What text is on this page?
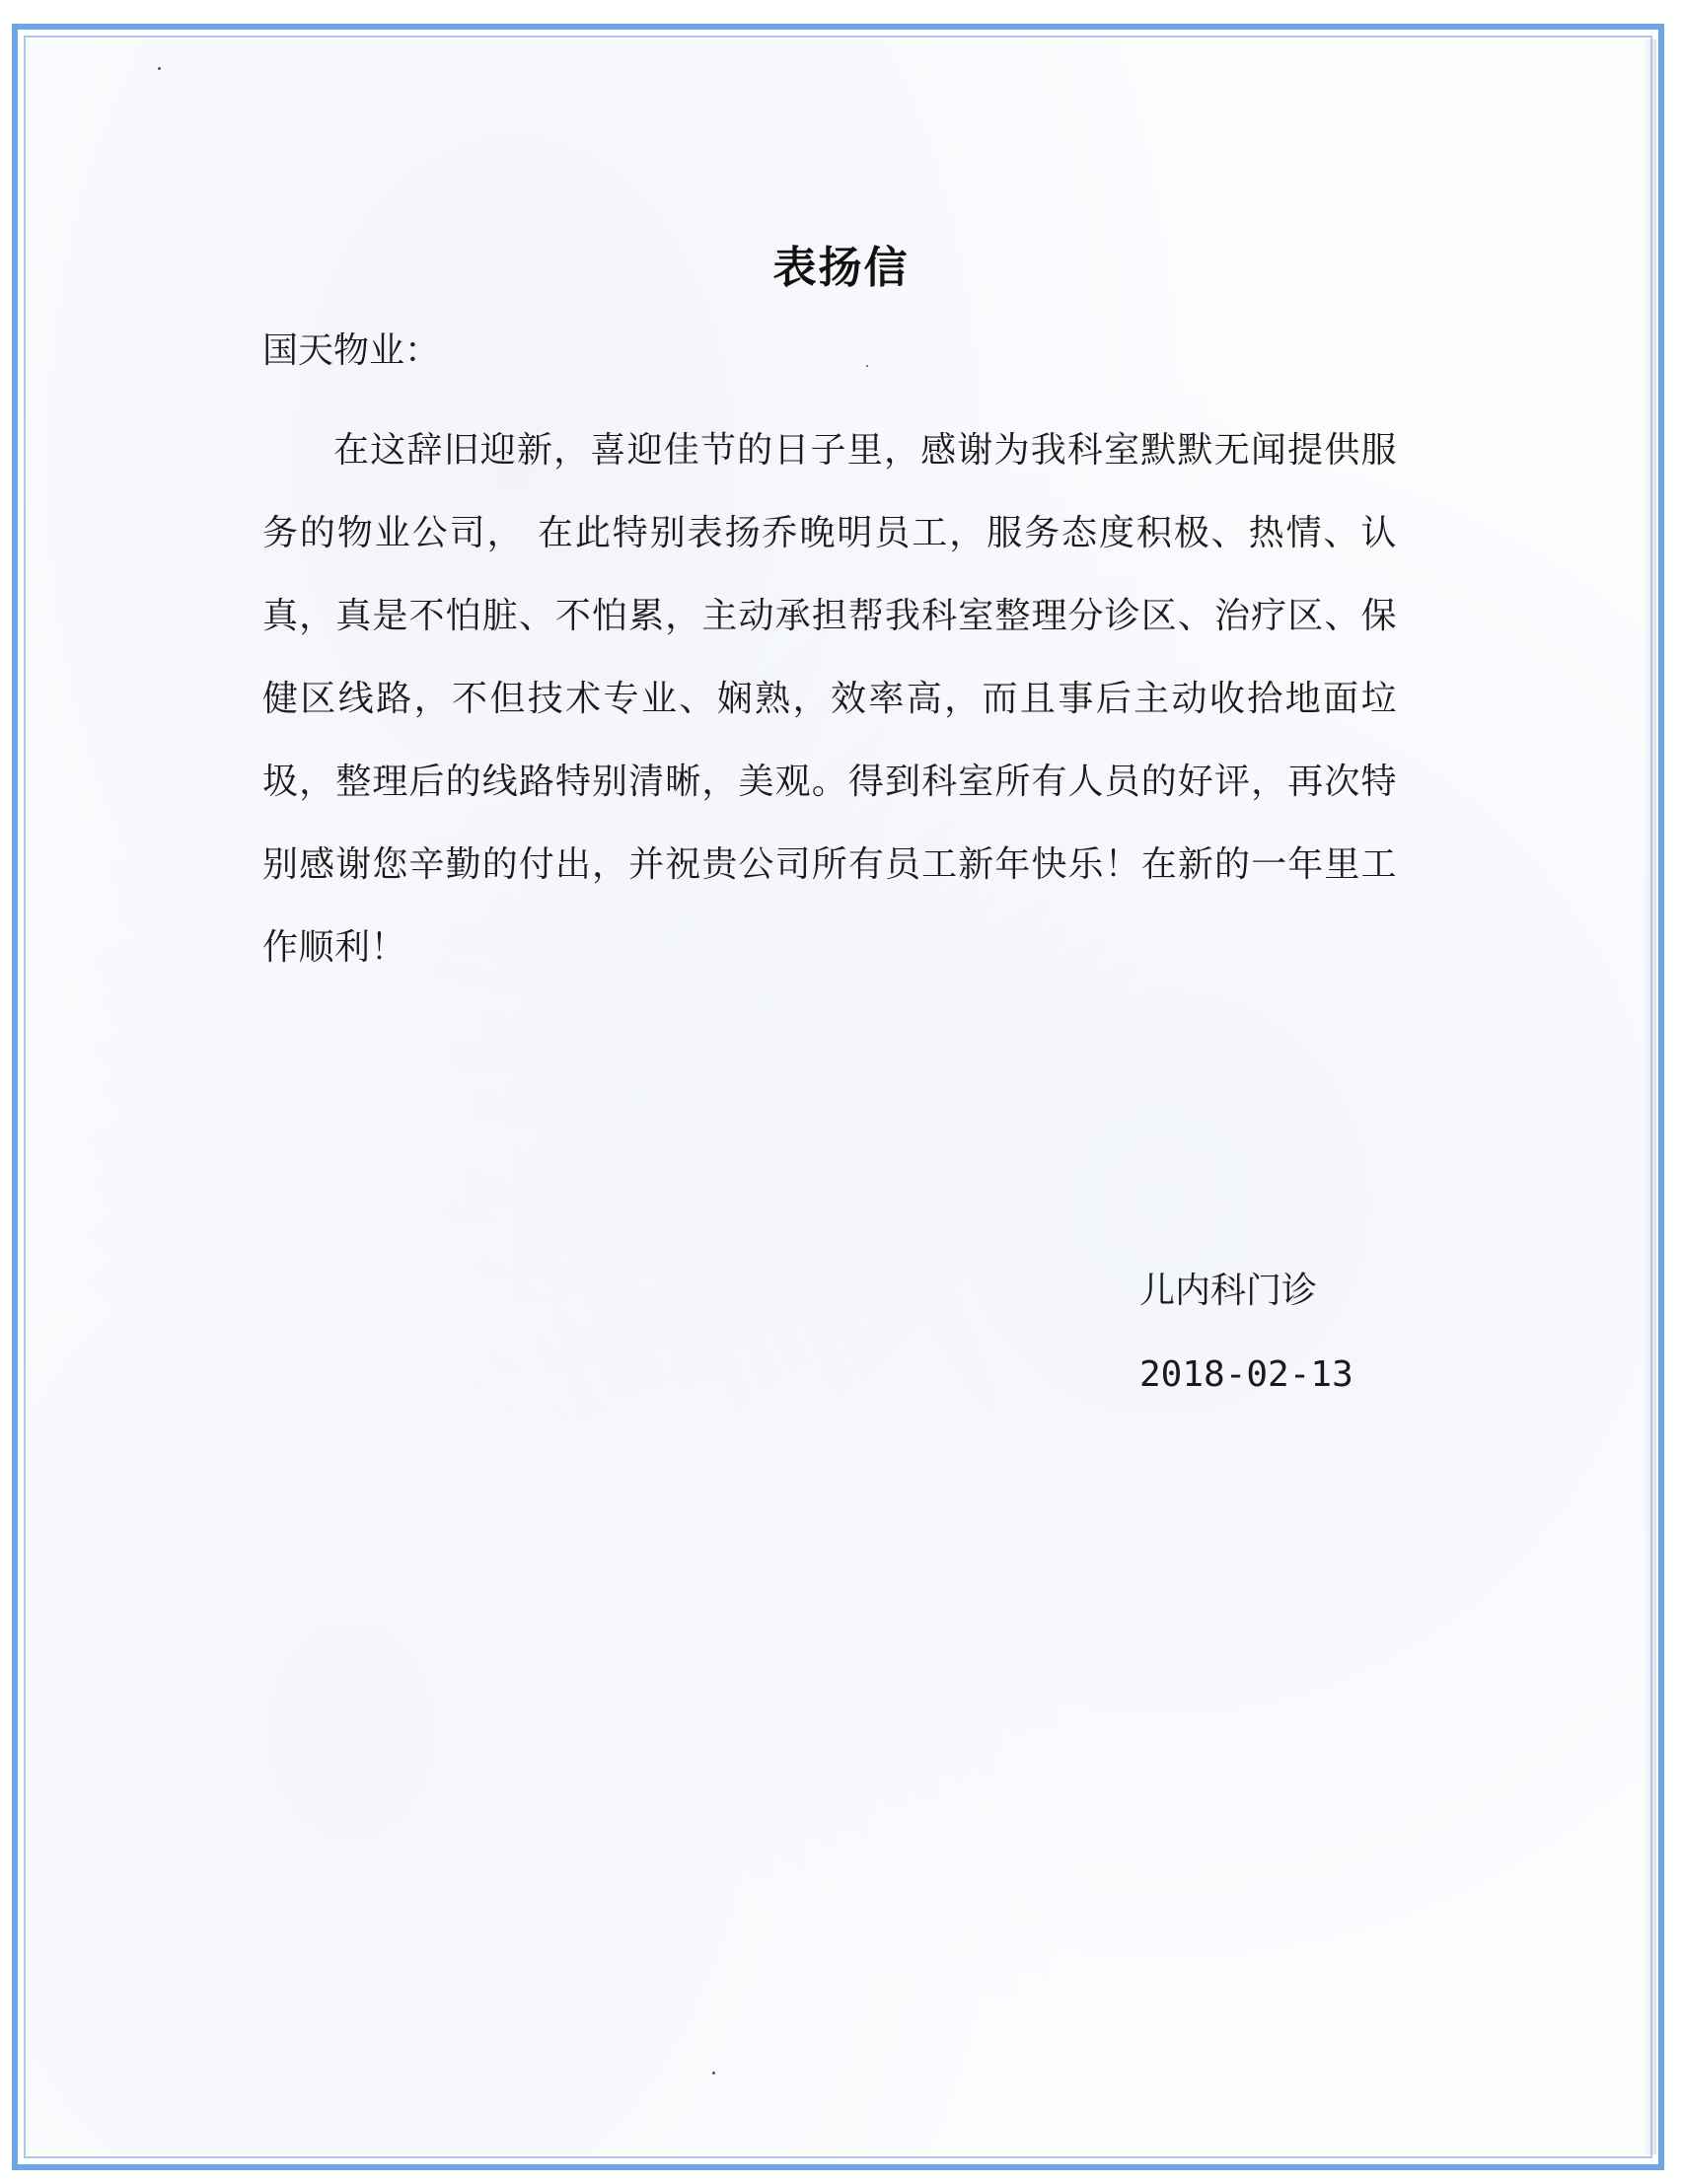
表扬信
国天物业：
在这辞旧迎新，喜迎佳节的日子里，感谢为我科室默默无闻提供服务的物业公司， 在此特别表扬乔晚明员工，服务态度积极、热情、认真，真是不怕脏、不怕累，主动承担帮我科室整理分诊区、治疗区、保健区线路，不但技术专业、娴熟，效率高，而且事后主动收拾地面垃圾，整理后的线路特别清晰，美观。得到科室所有人员的好评，再次特别感谢您辛勤的付出，并祝贵公司所有员工新年快乐！在新的一年里工作顺利！
儿内科门诊
2018-02-13
